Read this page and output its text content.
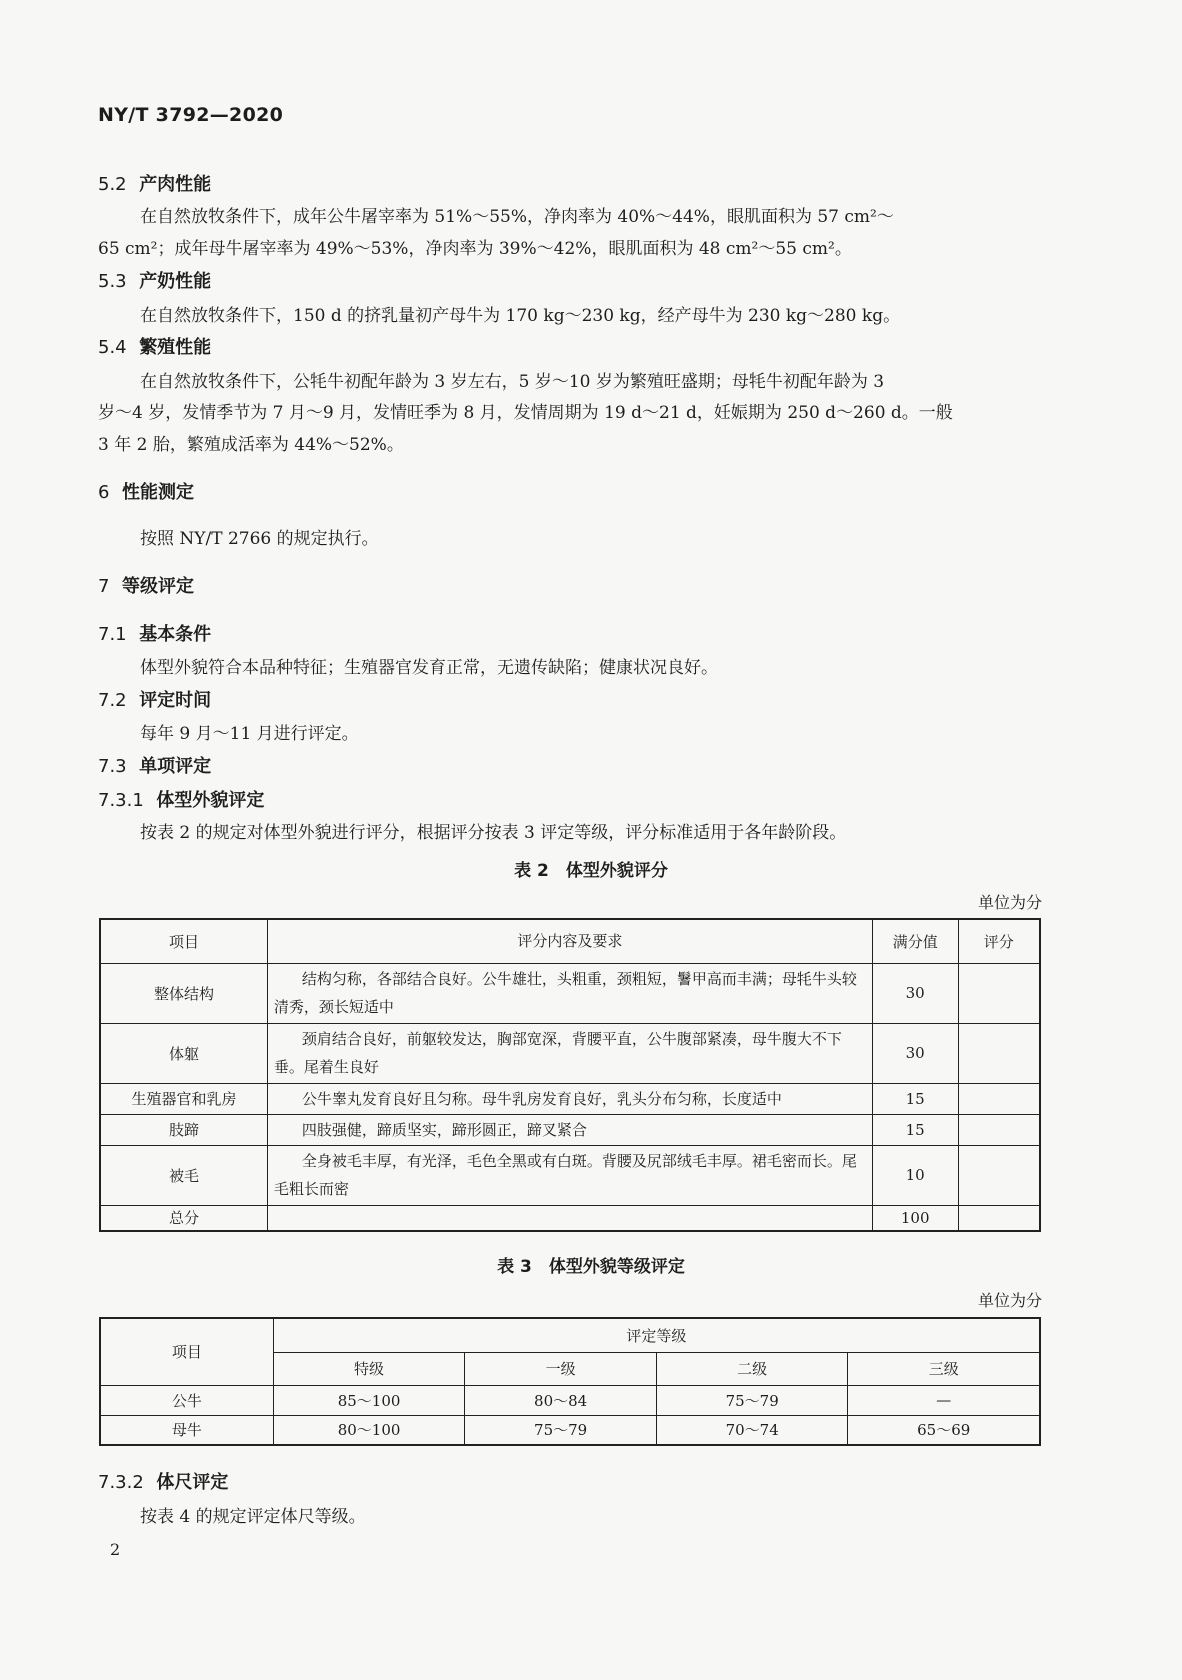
NY/T 3792—2020
5.2 产肉性能
在自然放牧条件下，成年公牛屠宰率为 51%～55%，净肉率为 40%～44%，眼肌面积为 57 cm²～
65 cm²；成年母牛屠宰率为 49%～53%，净肉率为 39%～42%，眼肌面积为 48 cm²～55 cm²。
5.3 产奶性能
在自然放牧条件下，150 d 的挤乳量初产母牛为 170 kg～230 kg，经产母牛为 230 kg～280 kg。
5.4 繁殖性能
在自然放牧条件下，公牦牛初配年龄为 3 岁左右，5 岁～10 岁为繁殖旺盛期；母牦牛初配年龄为 3
岁～4 岁，发情季节为 7 月～9 月，发情旺季为 8 月，发情周期为 19 d～21 d，妊娠期为 250 d～260 d。一般
3 年 2 胎，繁殖成活率为 44%～52%。
6 性能测定
按照 NY/T 2766 的规定执行。
7 等级评定
7.1 基本条件
体型外貌符合本品种特征；生殖器官发育正常，无遗传缺陷；健康状况良好。
7.2 评定时间
每年 9 月～11 月进行评定。
7.3 单项评定
7.3.1 体型外貌评定
按表 2 的规定对体型外貌进行评分，根据评分按表 3 评定等级，评分标准适用于各年龄阶段。
表 2　体型外貌评分
单位为分
项目	评分内容及要求	满分值	评分
整体结构	结构匀称，各部结合良好。公牛雄壮，头粗重，颈粗短，鬐甲高而丰满；母牦牛头较清秀，颈长短适中	30	
体躯	颈肩结合良好，前躯较发达，胸部宽深，背腰平直，公牛腹部紧凑，母牛腹大不下垂。尾着生良好	30	
生殖器官和乳房	公牛睾丸发育良好且匀称。母牛乳房发育良好，乳头分布匀称，长度适中	15	
肢蹄	四肢强健，蹄质坚实，蹄形圆正，蹄叉紧合	15	
被毛	全身被毛丰厚，有光泽，毛色全黑或有白斑。背腰及尻部绒毛丰厚。裙毛密而长。尾毛粗长而密	10	
总分		100	
表 3　体型外貌等级评定
单位为分
项目	评定等级			
	特级	一级	二级	三级
公牛	85～100	80～84	75～79	—
母牛	80～100	75～79	70～74	65～69
7.3.2 体尺评定
按表 4 的规定评定体尺等级。
2
